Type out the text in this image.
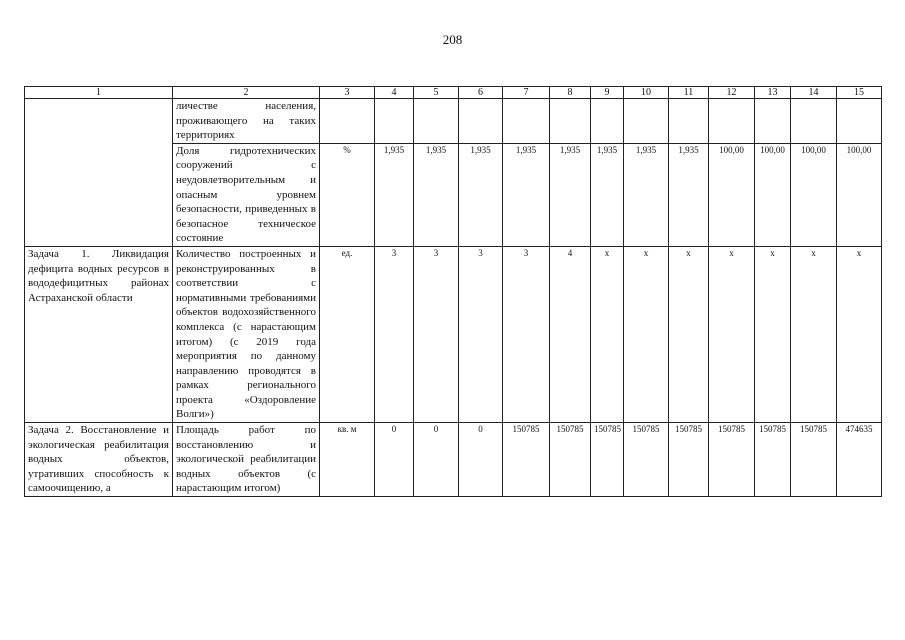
208
1	2	3	4	5	6	7	8	9	10	11	12	13	14	15
	личестве населения, проживающего на таких территориях													
	Доля гидротехнических сооружений с неудовлетворительным и опасным уровнем безопасности, приведенных в безопасное техническое состояние	%	1,935	1,935	1,935	1,935	1,935	1,935	1,935	1,935	100,00	100,00	100,00	100,00
Задача 1. Ликвидация дефицита водных ресурсов в вододефицитных районах Астраханской области	Количество построенных и реконструированных в соответствии с нормативными требованиями объектов водохозяйственного комплекса (с нарастающим итогом) (с 2019 года мероприятия по данному направлению проводятся в рамках регионального проекта «Оздоровление Волги»)	ед.	3	3	3	3	4	х	х	х	х	х	х	х
Задача 2. Восстановление и экологическая реабилитация водных объектов, утративших способность к самоочищению, а	Площадь работ по восстановлению и экологической реабилитации водных объектов (с нарастающим итогом)	кв. м	0	0	0	150785	150785	150785	150785	150785	150785	150785	150785	474635
